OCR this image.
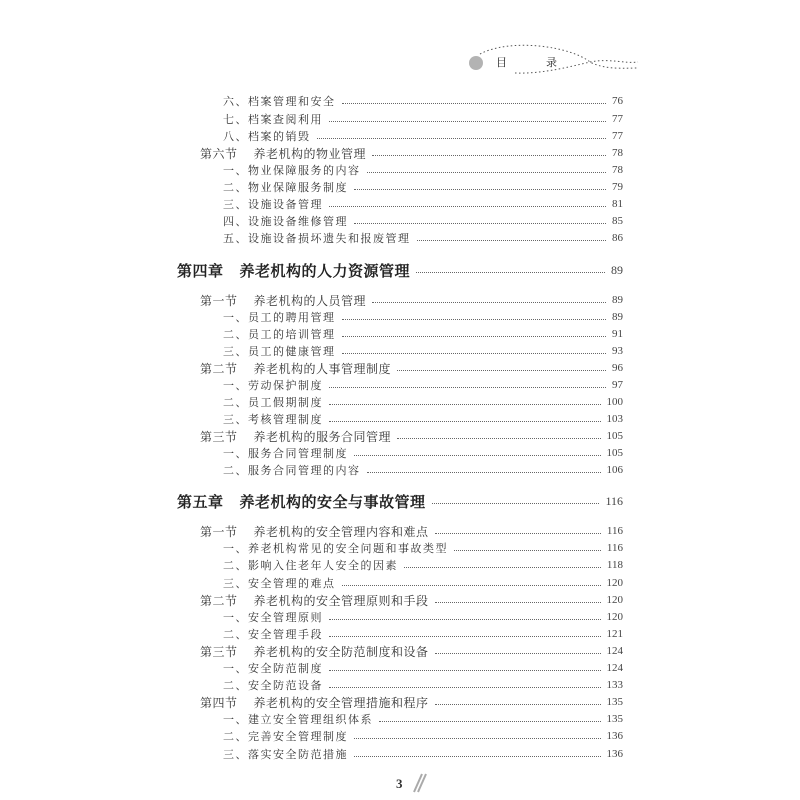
目　录
六、档案管理和安全	76
七、档案查阅利用	77
八、档案的销毁	77
第六节 养老机构的物业管理	78
一、物业保障服务的内容	78
二、物业保障服务制度	79
三、设施设备管理	81
四、设施设备维修管理	85
五、设施设备损坏遗失和报废管理	86
第四章 养老机构的人力资源管理	89
第一节 养老机构的人员管理	89
一、员工的聘用管理	89
二、员工的培训管理	91
三、员工的健康管理	93
第二节 养老机构的人事管理制度	96
一、劳动保护制度	97
二、员工假期制度	100
三、考核管理制度	103
第三节 养老机构的服务合同管理	105
一、服务合同管理制度	105
二、服务合同管理的内容	106
第五章 养老机构的安全与事故管理	116
第一节 养老机构的安全管理内容和难点	116
一、养老机构常见的安全问题和事故类型	116
二、影响入住老年人安全的因素	118
三、安全管理的难点	120
第二节 养老机构的安全管理原则和手段	120
一、安全管理原则	120
二、安全管理手段	121
第三节 养老机构的安全防范制度和设备	124
一、安全防范制度	124
二、安全防范设备	133
第四节 养老机构的安全管理措施和程序	135
一、建立安全管理组织体系	135
二、完善安全管理制度	136
三、落实安全防范措施	136
3
